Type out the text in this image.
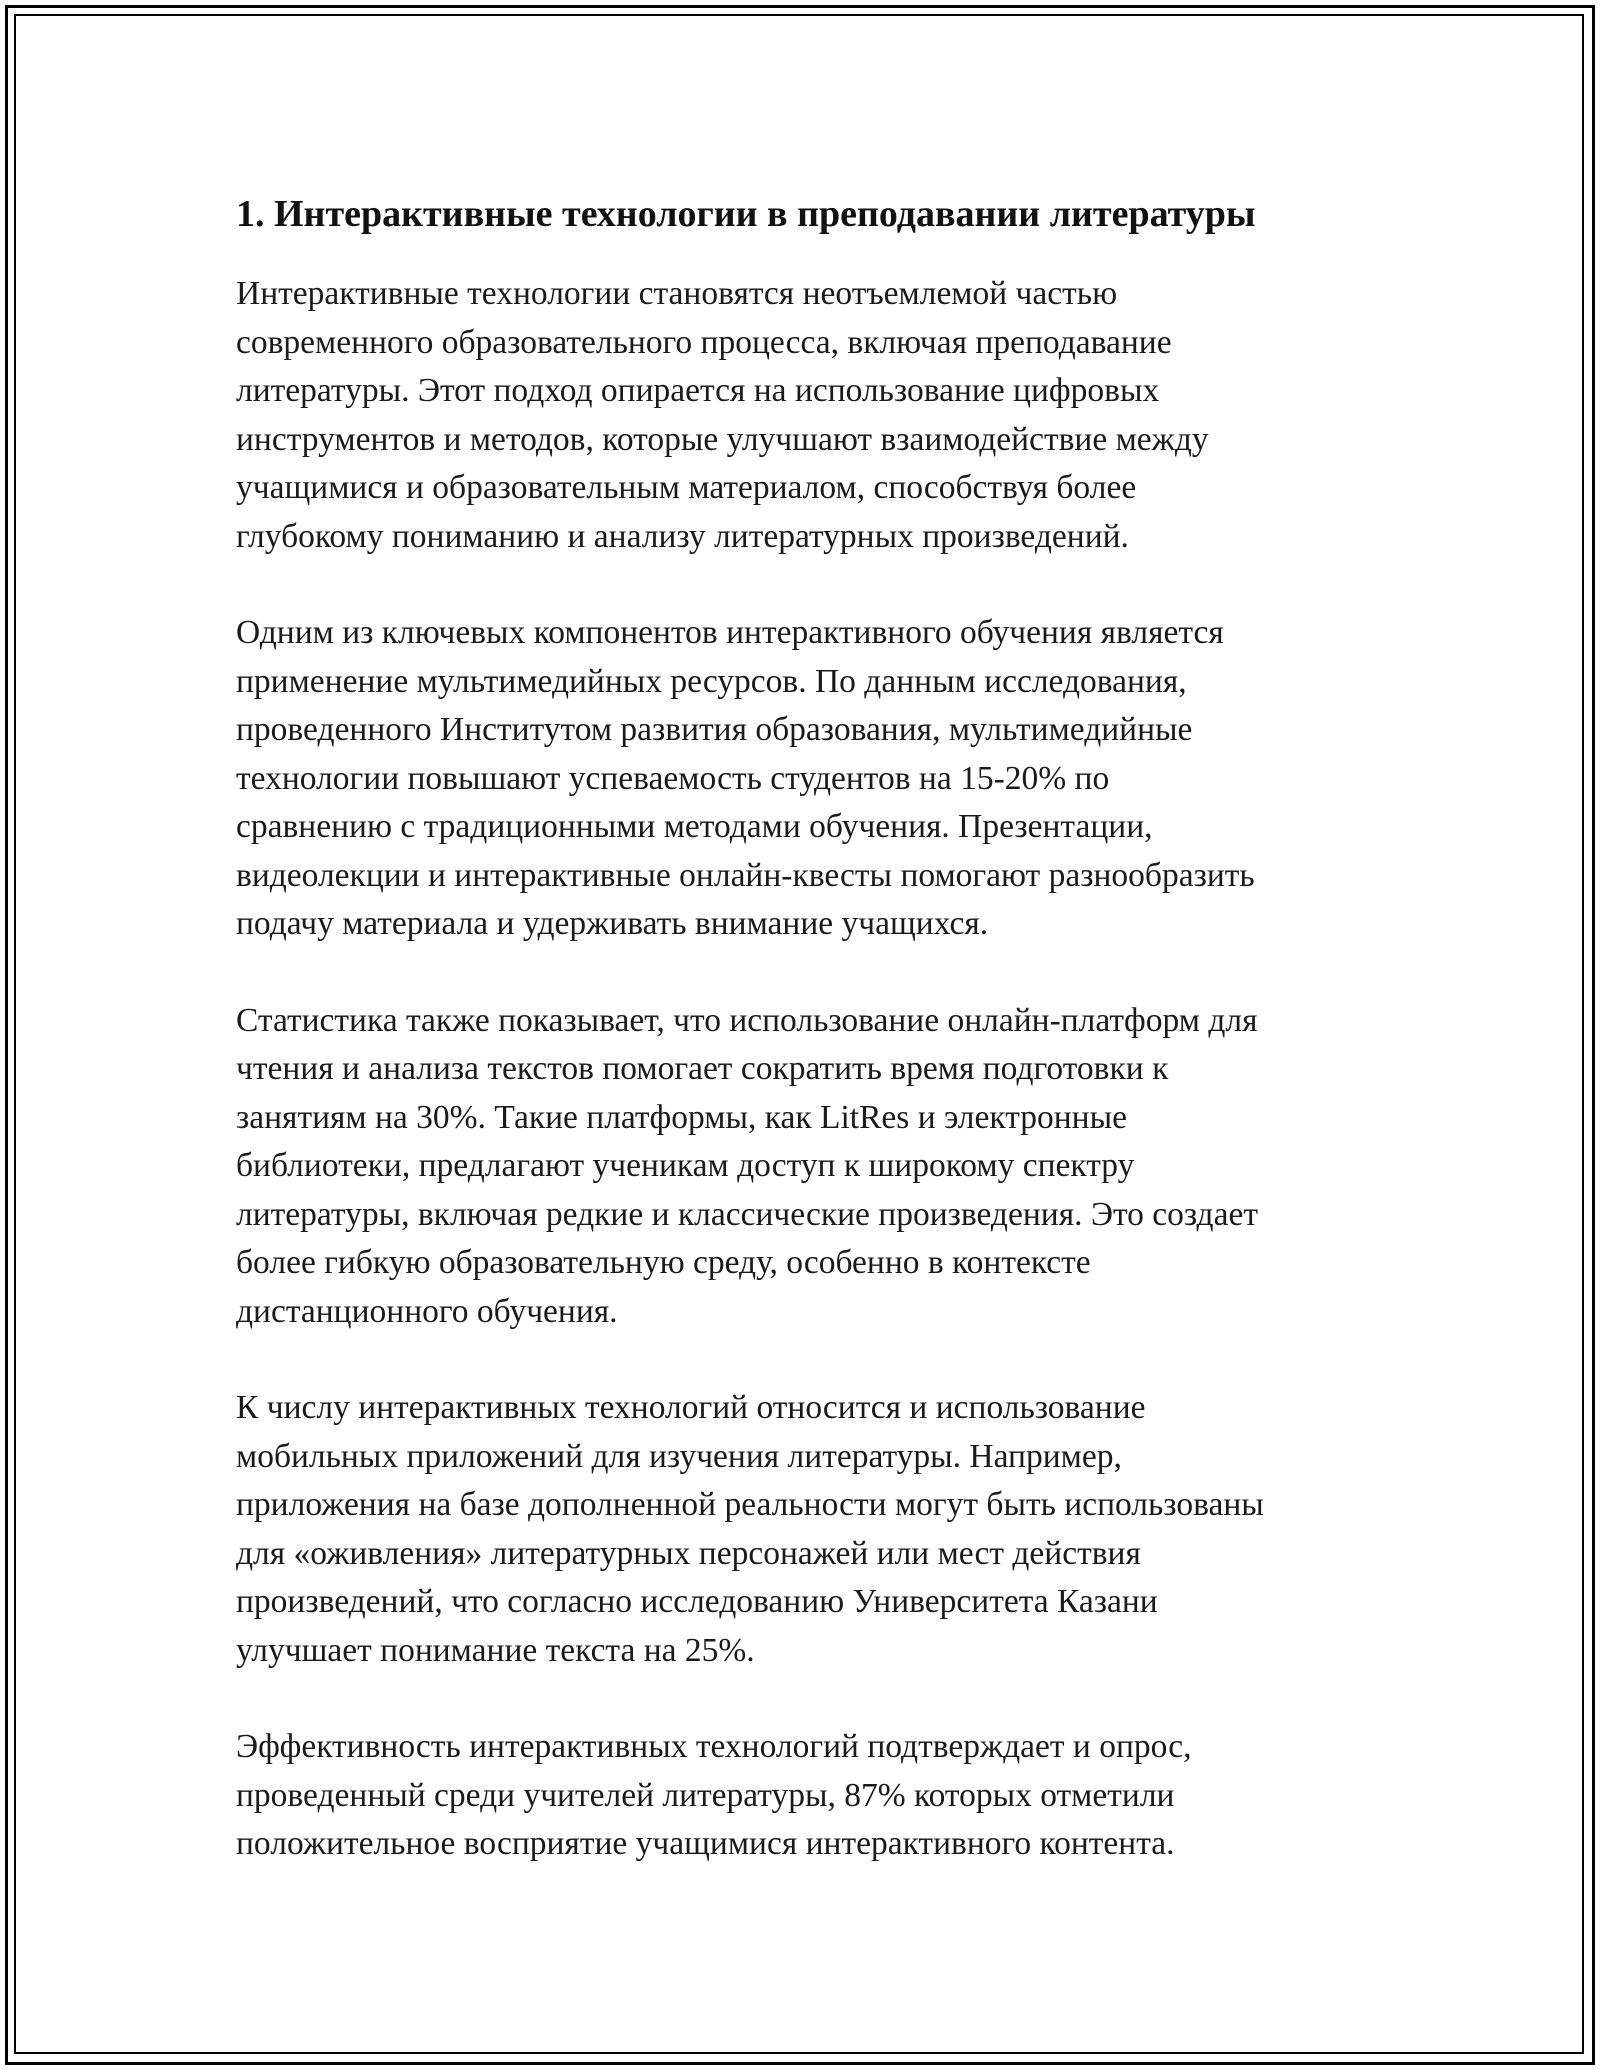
1. Интерактивные технологии в преподавании литературы

Интерактивные технологии становятся неотъемлемой частью
современного образовательного процесса, включая преподавание
литературы. Этот подход опирается на использование цифровых
инструментов и методов, которые улучшают взаимодействие между
учащимися и образовательным материалом, способствуя более
глубокому пониманию и анализу литературных произведений.

Одним из ключевых компонентов интерактивного обучения является
применение мультимедийных ресурсов. По данным исследования,
проведенного Институтом развития образования, мультимедийные
технологии повышают успеваемость студентов на 15-20% по
сравнению с традиционными методами обучения. Презентации,
видеолекции и интерактивные онлайн-квесты помогают разнообразить
подачу материала и удерживать внимание учащихся.

Статистика также показывает, что использование онлайн-платформ для
чтения и анализа текстов помогает сократить время подготовки к
занятиям на 30%. Такие платформы, как LitRes и электронные
библиотеки, предлагают ученикам доступ к широкому спектру
литературы, включая редкие и классические произведения. Это создает
более гибкую образовательную среду, особенно в контексте
дистанционного обучения.

К числу интерактивных технологий относится и использование
мобильных приложений для изучения литературы. Например,
приложения на базе дополненной реальности могут быть использованы
для «оживления» литературных персонажей или мест действия
произведений, что согласно исследованию Университета Казани
улучшает понимание текста на 25%.

Эффективность интерактивных технологий подтверждает и опрос,
проведенный среди учителей литературы, 87% которых отметили
положительное восприятие учащимися интерактивного контента.
